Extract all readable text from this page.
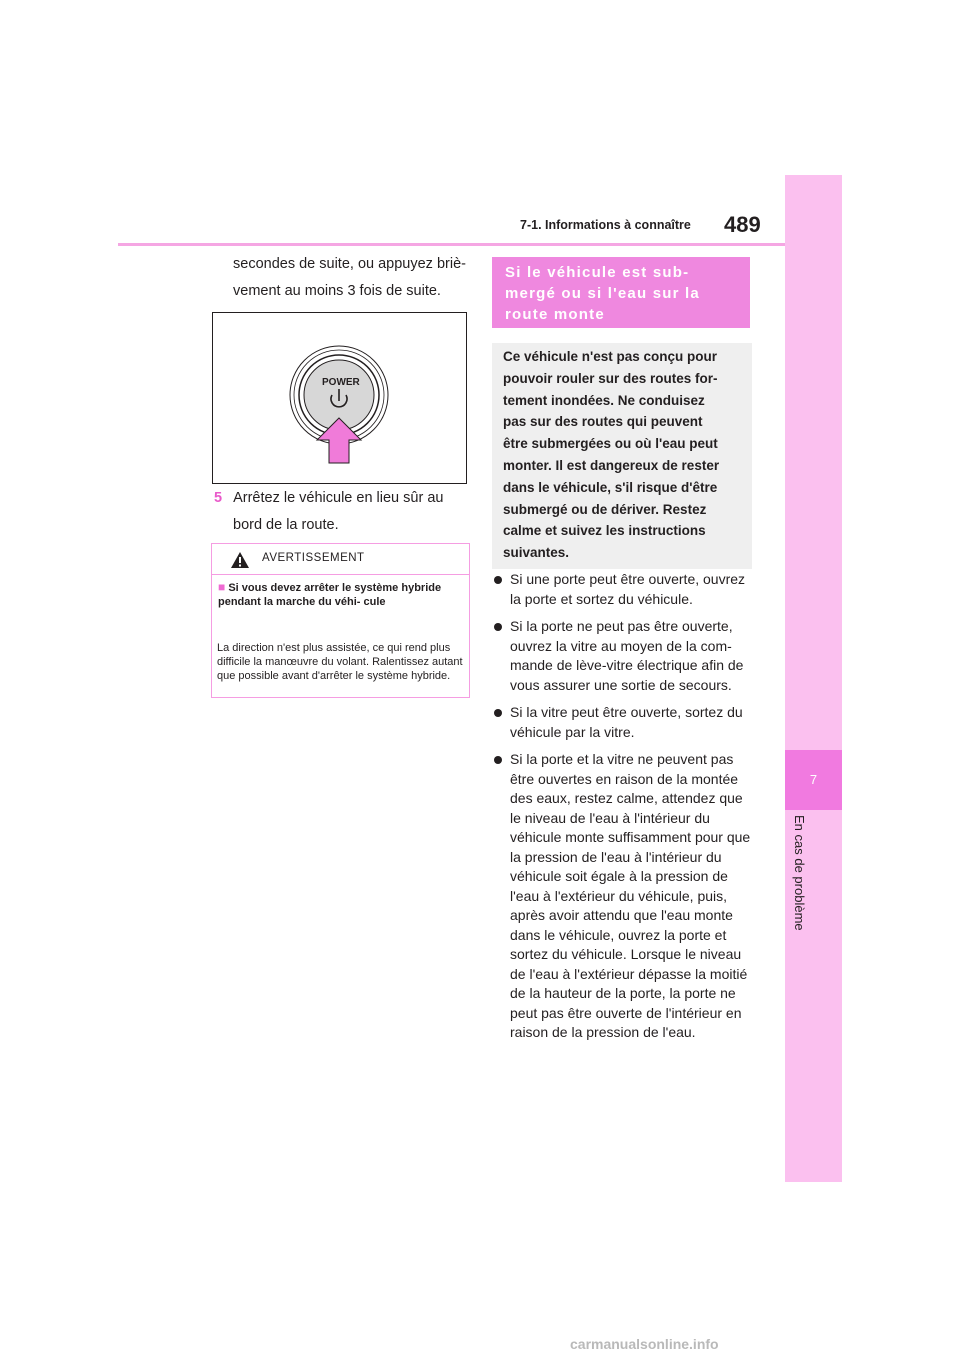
7
En cas de problème
7-1. Informations à connaître 489
secondes de suite, ou appuyez briè-
vement au moins 3 fois de suite.
POWER
5 Arrêtez le véhicule en lieu sûr au
bord de la route.
AVERTISSEMENT
■ Si vous devez arrêter le système hybride pendant la marche du véhi- cule
La direction n'est plus assistée, ce qui rend plus difficile la manœuvre du volant. Ralentissez autant que possible avant d'arrêter le système hybride.
Si le véhicule est sub-
mergé ou si l'eau sur la
route monte
Ce véhicule n'est pas conçu pour
pouvoir rouler sur des routes for-
tement inondées. Ne conduisez
pas sur des routes qui peuvent
être submergées ou où l'eau peut
monter. Il est dangereux de rester
dans le véhicule, s'il risque d'être
submergé ou de dériver. Restez
calme et suivez les instructions
suivantes.
Si une porte peut être ouverte, ouvrez la porte et sortez du véhicule.
Si la porte ne peut pas être ouverte, ouvrez la vitre au moyen de la com- mande de lève-vitre électrique afin de vous assurer une sortie de secours.
Si la vitre peut être ouverte, sortez du véhicule par la vitre.
Si la porte et la vitre ne peuvent pas être ouvertes en raison de la montée des eaux, restez calme, attendez que le niveau de l'eau à l'intérieur du véhicule monte suffisamment pour que la pression de l'eau à l'intérieur du véhicule soit égale à la pression de l'eau à l'extérieur du véhicule, puis, après avoir attendu que l'eau monte dans le véhicule, ouvrez la porte et sortez du véhicule. Lorsque le niveau de l'eau à l'extérieur dépasse la moitié de la hauteur de la porte, la porte ne peut pas être ouverte de l'intérieur en raison de la pression de l'eau.
carmanualsonline.info
